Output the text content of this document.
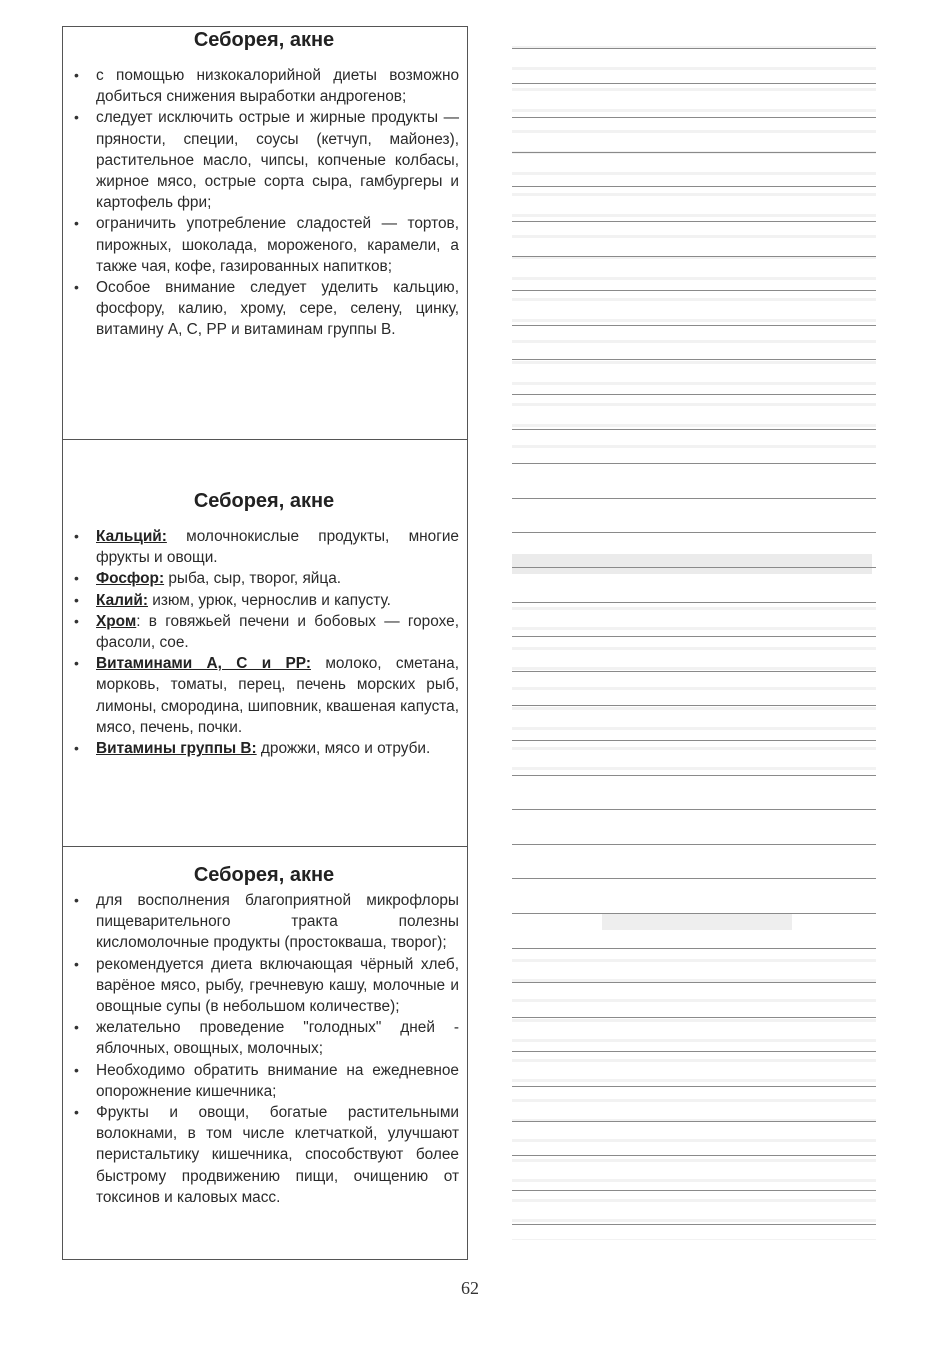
Себорея, акне
• с помощью низкокалорийной диеты возможно добиться снижения выработки андрогенов;
• следует исключить острые и жирные продукты — пряности, специи, соусы (кетчуп, майонез), растительное масло, чипсы, копченые колбасы, жирное мясо, острые сорта сыра, гамбургеры и картофель фри;
• ограничить употребление сладостей — тортов, пирожных, шоколада, мороженого, карамели, а также чая, кофе, газированных напитков;
• Особое внимание следует уделить кальцию, фосфору, калию, хрому, сере, селену, цинку, витамину А, С, РР и витаминам группы В.
Себорея, акне
• Кальций: молочнокислые продукты, многие фрукты и овощи.
• Фосфор: рыба, сыр, творог, яйца.
• Калий: изюм, урюк, чернослив и капусту.
• Хром: в говяжьей печени и бобовых — горохе, фасоли, сое.
• Витаминами А, С и РР: молоко, сметана, морковь, томаты, перец, печень морских рыб, лимоны, смородина, шиповник, квашеная капуста, мясо, печень, почки.
• Витамины группы В: дрожжи, мясо и отруби.
Себорея, акне
• для восполнения благоприятной микрофлоры пищеварительного тракта полезны кисломолочные продукты (простокваша, творог);
• рекомендуется диета включающая чёрный хлеб, варёное мясо, рыбу, гречневую кашу, молочные и овощные супы (в небольшом количестве);
• желательно проведение "голодных" дней - яблочных, овощных, молочных;
• Необходимо обратить внимание на ежедневное опорожнение кишечника;
• Фрукты и овощи, богатые растительными волокнами, в том числе клетчаткой, улучшают перистальтику кишечника, способствуют более быстрому продвижению пищи, очищению от токсинов и каловых масс.
62
